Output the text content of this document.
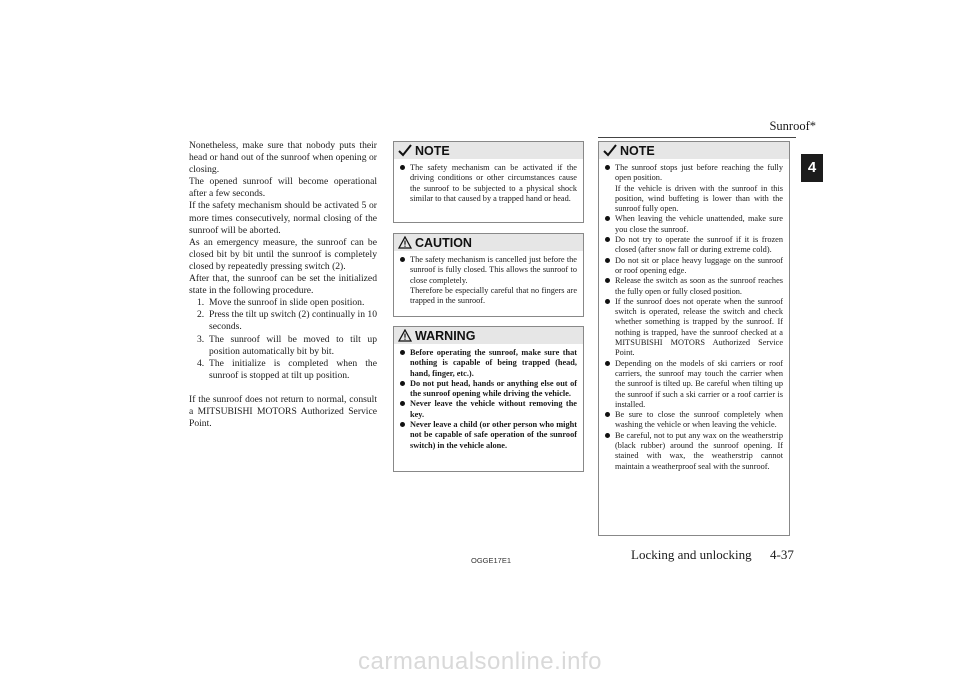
Sunroof*
4

Nonetheless, make sure that nobody puts their head or hand out of the sunroof when opening or closing.

The opened sunroof will become operational after a few seconds.

If the safety mechanism should be activated 5 or more times consecutively, normal closing of the sunroof will be aborted.

As an emergency measure, the sunroof can be closed bit by bit until the sunroof is completely closed by repeatedly pressing switch (2).

After that, the sunroof can be set the initialized state in the following procedure.

1. Move the sunroof in slide open position.
2. Press the tilt up switch (2) continually in 10 seconds.
3. The sunroof will be moved to tilt up position automatically bit by bit.
4. The initialize is completed when the sunroof is stopped at tilt up position.

If the sunroof does not return to normal, consult a MITSUBISHI MOTORS Authorized Service Point.

NOTE
The safety mechanism can be activated if the driving conditions or other circumstances cause the sunroof to be subjected to a physical shock similar to that caused by a trapped hand or head.
CAUTION
The safety mechanism is cancelled just before the sunroof is fully closed. This allows the sunroof to close completely.
Therefore be especially careful that no fingers are trapped in the sunroof.
WARNING
Before operating the sunroof, make sure that nothing is capable of being trapped (head, hand, finger, etc.).
Do not put head, hands or anything else out of the sunroof opening while driving the vehicle.
Never leave the vehicle without removing the key.
Never leave a child (or other person who might not be capable of safe operation of the sunroof switch) in the vehicle alone.
NOTE
The sunroof stops just before reaching the fully open position.
If the vehicle is driven with the sunroof in this position, wind buffeting is lower than with the sunroof fully open.
When leaving the vehicle unattended, make sure you close the sunroof.
Do not try to operate the sunroof if it is frozen closed (after snow fall or during extreme cold).
Do not sit or place heavy luggage on the sunroof or roof opening edge.
Release the switch as soon as the sunroof reaches the fully open or fully closed position.
If the sunroof does not operate when the sunroof switch is operated, release the switch and check whether something is trapped by the sunroof. If nothing is trapped, have the sunroof checked at a MITSUBISHI MOTORS Authorized Service Point.
Depending on the models of ski carriers or roof carriers, the sunroof may touch the carrier when the sunroof is tilted up. Be careful when tilting up the sunroof if such a ski carrier or a roof carrier is installed.
Be sure to close the sunroof completely when washing the vehicle or when leaving the vehicle.
Be careful, not to put any wax on the weatherstrip (black rubber) around the sunroof opening. If stained with wax, the weatherstrip cannot maintain a weatherproof seal with the sunroof.
OGGE17E1	Locking and unlocking 4-37
carmanualsonline.info
